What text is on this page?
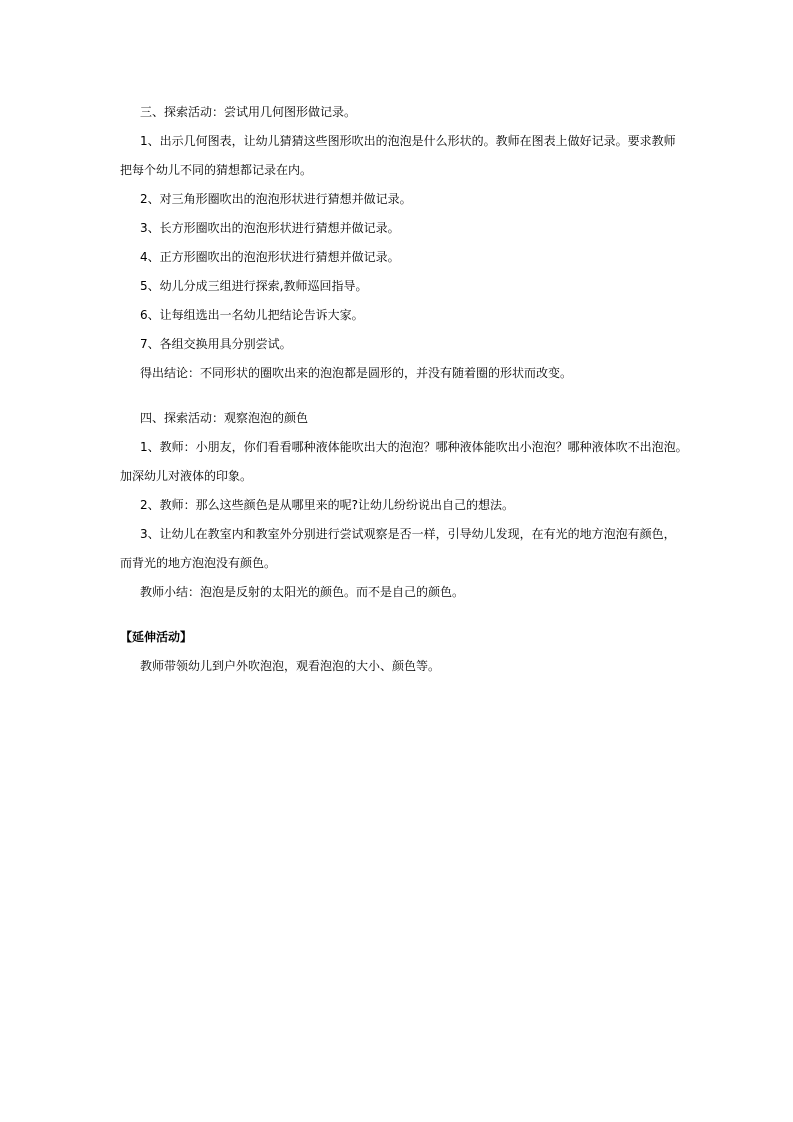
三、探索活动：尝试用几何图形做记录。
1、出示几何图表，让幼儿猜猜这些图形吹出的泡泡是什么形状的。教师在图表上做好记录。要求教师
把每个幼儿不同的猜想都记录在内。
2、对三角形圈吹出的泡泡形状进行猜想并做记录。
3、长方形圈吹出的泡泡形状进行猜想并做记录。
4、正方形圈吹出的泡泡形状进行猜想并做记录。
5、幼儿分成三组进行探索,教师巡回指导。
6、让每组选出一名幼儿把结论告诉大家。
7、各组交换用具分别尝试。
得出结论：不同形状的圈吹出来的泡泡都是圆形的，并没有随着圈的形状而改变。
四、探索活动：观察泡泡的颜色
1、教师：小朋友，你们看看哪种液体能吹出大的泡泡？哪种液体能吹出小泡泡？哪种液体吹不出泡泡。
加深幼儿对液体的印象。
2、教师：那么这些颜色是从哪里来的呢?让幼儿纷纷说出自己的想法。
3、让幼儿在教室内和教室外分别进行尝试观察是否一样，引导幼儿发现，在有光的地方泡泡有颜色，
而背光的地方泡泡没有颜色。
教师小结：泡泡是反射的太阳光的颜色。而不是自己的颜色。
【延伸活动】
教师带领幼儿到户外吹泡泡，观看泡泡的大小、颜色等。
